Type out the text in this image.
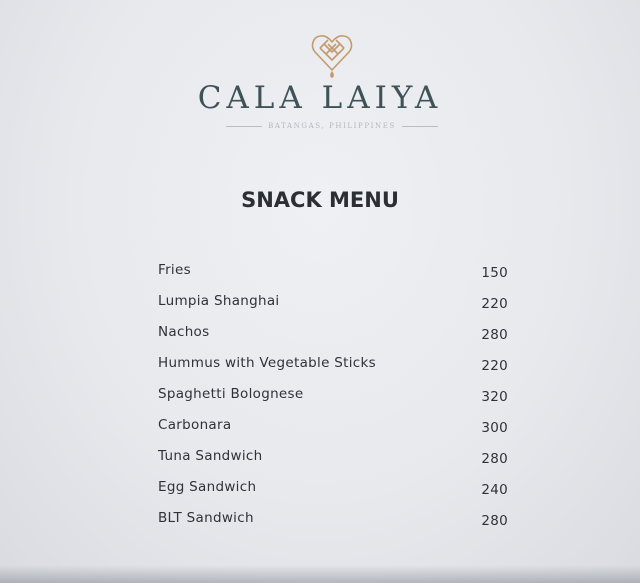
CALA LAIYA
BATANGAS, PHILIPPINES
SNACK MENU
Fries	150
Lumpia Shanghai	220
Nachos	280
Hummus with Vegetable Sticks	220
Spaghetti Bolognese	320
Carbonara	300
Tuna Sandwich	280
Egg Sandwich	240
BLT Sandwich	280
